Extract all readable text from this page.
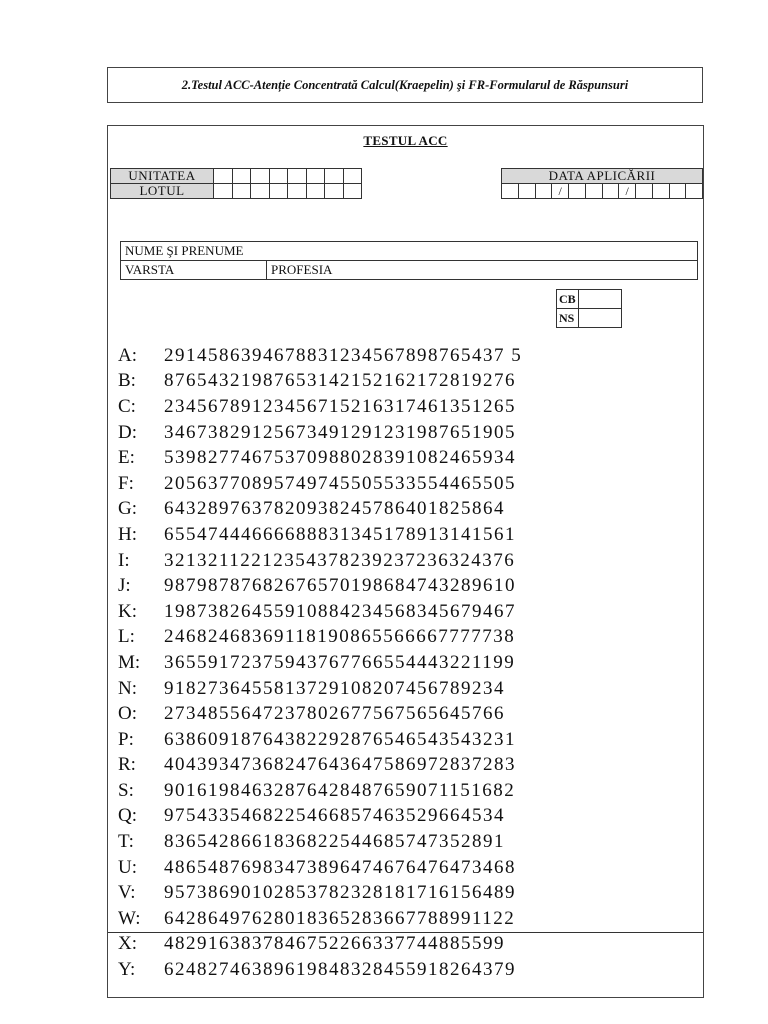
2.Testul ACC-Atenție Concentrată Calcul(Kraepelin) şi FR-Formularul de Răspunsuri
TESTUL ACC
UNITATEA								
LOTUL								
DATA APLICĂRII
			/				/				
NUME ŞI PRENUME
VARSTA	PROFESIA
CB	
NS	
A:	2914586394678831234567898765437 5
B:	87654321987653142152162172819276
C:	23456789123456715216317461351265
D:	34673829125673491291231987651905
E:	53982774675370988028391082465934
F:	20563770895749745505533554465505
G:	6432897637820938245786401825864
H:	65547444666688831345178913141561
I:	32132112212354378239237236324376
J:	98798787682676570198684743289610
K:	19873826455910884234568345679467
L:	24682468369118190865566667777738
M:	36559172375943767766554443221199
N:	9182736455813729108207456789234
O:	2734855647237802677567565645766
P:	63860918764382292876546543543231
R:	40439347368247643647586972837283
S:	90161984632876428487659071151682
Q:	9754335468225466857463529664534
T:	8365428661836822544685747352891
U:	48654876983473896474676476473468
V:	95738690102853782328181716156489
W:	64286497628018365283667788991122
X:	4829163837846752266337744885599
Y:	62482746389619848328455918264379
